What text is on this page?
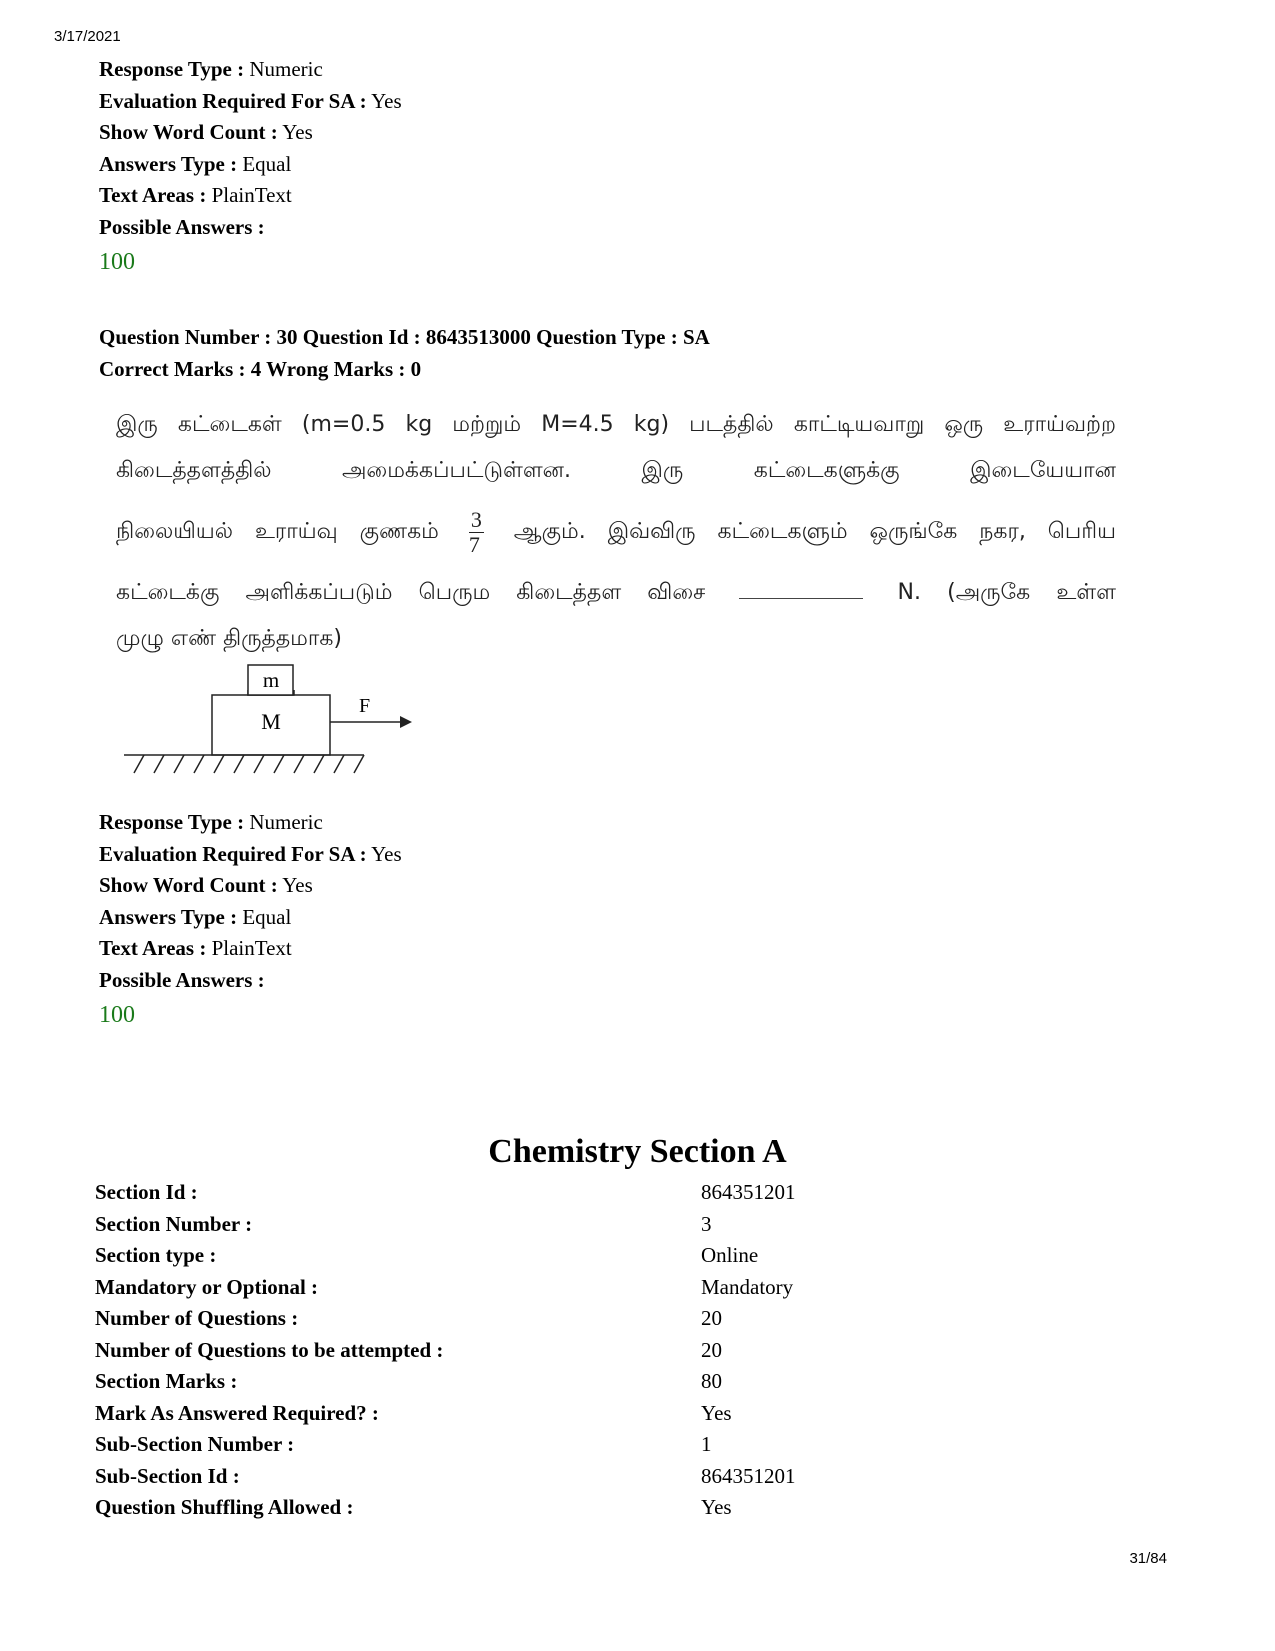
3/17/2021
Response Type : Numeric
Evaluation Required For SA : Yes
Show Word Count : Yes
Answers Type : Equal
Text Areas : PlainText
Possible Answers :
100
Question Number : 30 Question Id : 8643513000 Question Type : SA
Correct Marks : 4 Wrong Marks : 0
இரு கட்டைகள் (m=0.5 kg மற்றும் M=4.5 kg) படத்தில் காட்டியவாறு ஒரு உராய்வற்ற
கிடைத்தளத்தில் அமைக்கப்பட்டுள்ளன. இரு கட்டைகளுக்கு இடையேயான
நிலையியல் உராய்வு குணகம் $\frac{3}{7}$ ஆகும். இவ்விரு கட்டைகளும் ஒருங்கே நகர, பெரிய
கட்டைக்கு அளிக்கப்படும் பெரும கிடைத்தள விசை	N. (அருகே உள்ள
முழு எண் திருத்தமாக)
F
M
m
Response Type : Numeric
Evaluation Required For SA : Yes
Show Word Count : Yes
Answers Type : Equal
Text Areas : PlainText
Possible Answers :
100
Chemistry Section A
Section Id :	864351201
Section Number :	3
Section type :	Online
Mandatory or Optional :	Mandatory
Number of Questions :	20
Number of Questions to be attempted :	20
Section Marks :	80
Mark As Answered Required? :	Yes
Sub-Section Number :	1
Sub-Section Id :	864351201
Question Shuffling Allowed :	Yes
31/84
